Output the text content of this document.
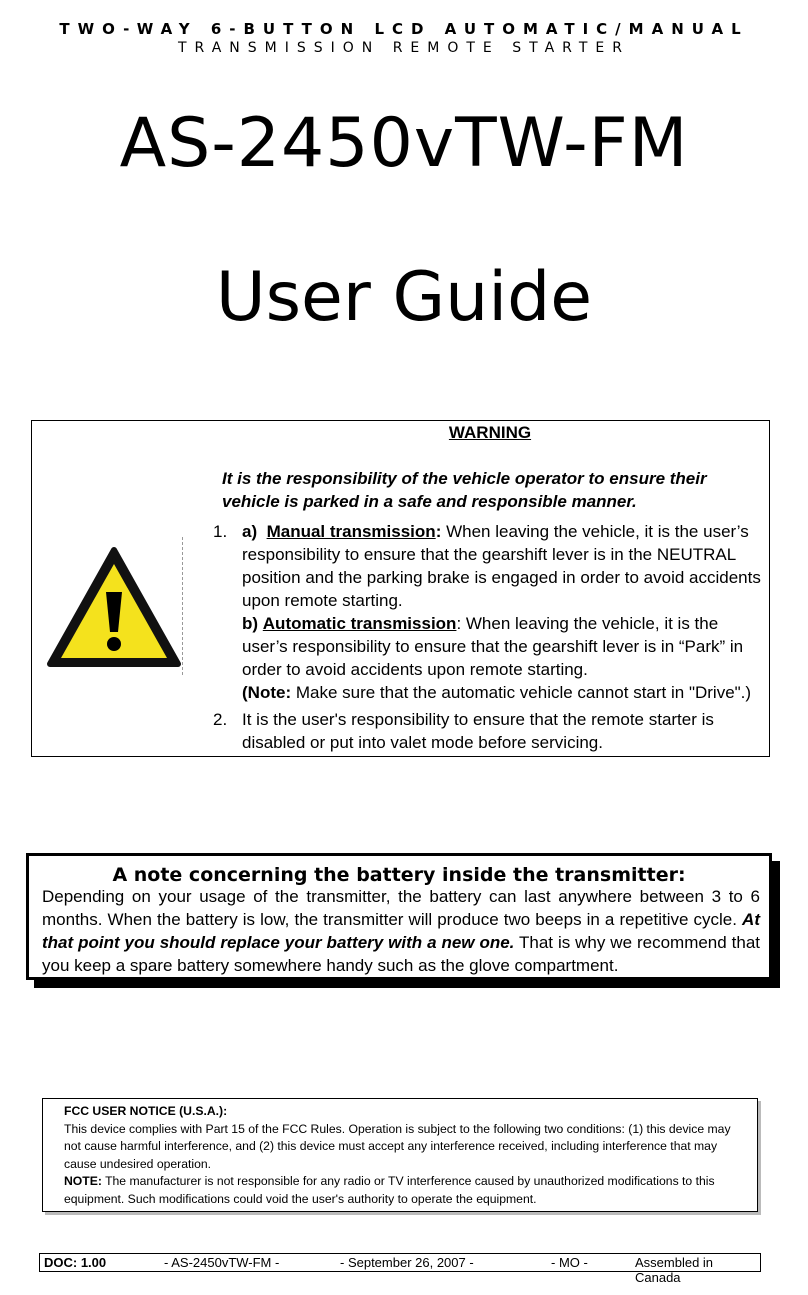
TWO-WAY 6-BUTTON LCD AUTOMATIC/MANUAL
TRANSMISSION REMOTE STARTER
AS-2450vTW-FM
User Guide
WARNING
It is the responsibility of the vehicle operator to ensure their vehicle is parked in a safe and responsible manner.
1. a) Manual transmission: When leaving the vehicle, it is the user’s responsibility to ensure that the gearshift lever is in the NEUTRAL position and the parking brake is engaged in order to avoid accidents upon remote starting.
b) Automatic transmission: When leaving the vehicle, it is the user’s responsibility to ensure that the gearshift lever is in “Park” in order to avoid accidents upon remote starting.
(Note: Make sure that the automatic vehicle cannot start in "Drive".)
2. It is the user's responsibility to ensure that the remote starter is disabled or put into valet mode before servicing.
A note concerning the battery inside the transmitter:
Depending on your usage of the transmitter, the battery can last anywhere between 3 to 6 months. When the battery is low, the transmitter will produce two beeps in a repetitive cycle. At that point you should replace your battery with a new one. That is why we recommend that you keep a spare battery somewhere handy such as the glove compartment.
FCC USER NOTICE (U.S.A.):
This device complies with Part 15 of the FCC Rules. Operation is subject to the following two conditions: (1) this device may not cause harmful interference, and (2) this device must accept any interference received, including interference that may cause undesired operation.
NOTE: The manufacturer is not responsible for any radio or TV interference caused by unauthorized modifications to this equipment. Such modifications could void the user's authority to operate the equipment.
DOC: 1.00	- AS-2450vTW-FM -	- September 26, 2007 -	- MO -	Assembled in Canada
